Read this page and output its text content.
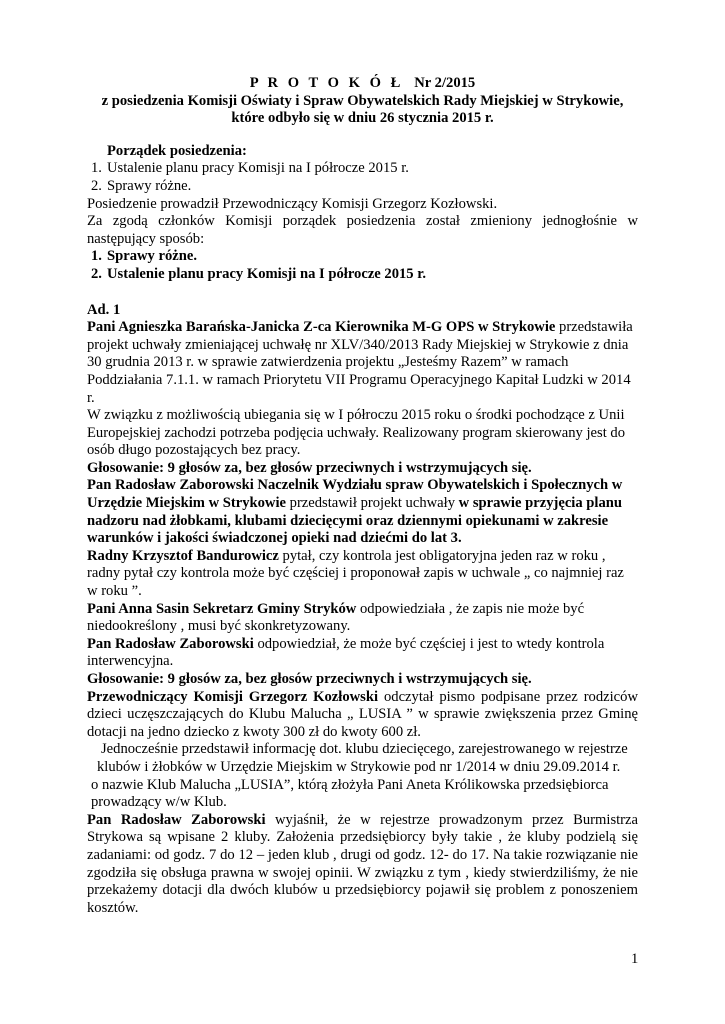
P R O T O K Ó Ł Nr 2/2015
z posiedzenia Komisji Oświaty i Spraw Obywatelskich Rady Miejskiej w Strykowie,
które odbyło się w dniu 26 stycznia 2015 r.
Porządek posiedzenia:
1. Ustalenie planu pracy Komisji na I półrocze 2015 r.
2. Sprawy różne.

Posiedzenie prowadził Przewodniczący Komisji Grzegorz Kozłowski.

Za zgodą członków Komisji porządek posiedzenia został zmieniony jednogłośnie w następujący sposób:

1. Sprawy różne.
2. Ustalenie planu pracy Komisji na I półrocze 2015 r.

Ad. 1

Pani Agnieszka Barańska-Janicka Z-ca Kierownika M-G OPS w Strykowie przedstawiła projekt uchwały zmieniającej uchwałę nr XLV/340/2013 Rady Miejskiej w Strykowie z dnia 30 grudnia 2013 r. w sprawie zatwierdzenia projektu „Jesteśmy Razem” w ramach Poddziałania 7.1.1. w ramach Priorytetu VII Programu Operacyjnego Kapitał Ludzki w 2014 r.

W związku z możliwością ubiegania się w I półroczu 2015 roku o środki pochodzące z Unii Europejskiej zachodzi potrzeba podjęcia uchwały. Realizowany program skierowany jest do osób długo pozostających bez pracy.

Głosowanie: 9 głosów za, bez głosów przeciwnych i wstrzymujących się.

Pan Radosław Zaborowski Naczelnik Wydziału spraw Obywatelskich i Społecznych w Urzędzie Miejskim w Strykowie przedstawił projekt uchwały w sprawie przyjęcia planu nadzoru nad żłobkami, klubami dziecięcymi oraz dziennymi opiekunami w zakresie warunków i jakości świadczonej opieki nad dziećmi do lat 3.

Radny Krzysztof Bandurowicz pytał, czy kontrola jest obligatoryjna jeden raz w roku , radny pytał czy kontrola może być częściej i proponował zapis w uchwale „ co najmniej raz w roku ”.

Pani Anna Sasin Sekretarz Gminy Stryków odpowiedziała , że zapis nie może być niedookreślony , musi być skonkretyzowany.

Pan Radosław Zaborowski odpowiedział, że może być częściej i jest to wtedy kontrola interwencyjna.

Głosowanie: 9 głosów za, bez głosów przeciwnych i wstrzymujących się.

Przewodniczący Komisji Grzegorz Kozłowski odczytał pismo podpisane przez rodziców dzieci uczęszczających do Klubu Malucha „ LUSIA ” w sprawie zwiększenia przez Gminę dotacji na jedno dziecko z kwoty 300 zł do kwoty 600 zł.

Jednocześnie przedstawił informację dot. klubu dziecięcego, zarejestrowanego w rejestrze

klubów i żłobków w Urzędzie Miejskim w Strykowie pod nr 1/2014 w dniu 29.09.2014 r.

o nazwie Klub Malucha „LUSIA”, którą złożyła Pani Aneta Królikowska przedsiębiorca prowadzący w/w Klub.

Pan Radosław Zaborowski wyjaśnił, że w rejestrze prowadzonym przez Burmistrza Strykowa są wpisane 2 kluby. Założenia przedsiębiorcy były takie , że kluby podzielą się zadaniami: od godz. 7 do 12 – jeden klub , drugi od godz. 12- do 17. Na takie rozwiązanie nie zgodziła się obsługa prawna w swojej opinii. W związku z tym , kiedy stwierdziliśmy, że nie przekażemy dotacji dla dwóch klubów u przedsiębiorcy pojawił się problem z ponoszeniem kosztów.

1
